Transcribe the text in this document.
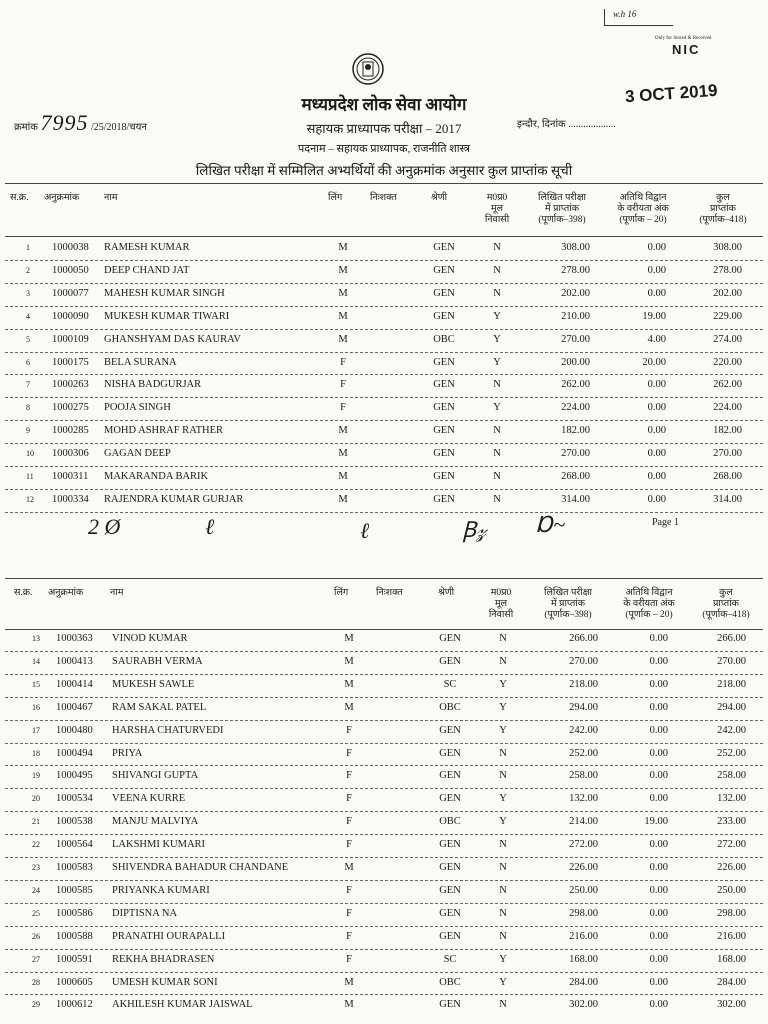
w.h 16
Only for Stored & Received
NIC
3 OCT 2019
मध्यप्रदेश लोक सेवा आयोग
क्रमांक 7995 /25/2018/चयन	सहायक प्राध्यापक परीक्षा – 2017	इन्दौर, दिनांक ...................
पदनाम – सहायक प्राध्यापक, राजनीति शास्त्र
लिखित परीक्षा में सम्मिलित अभ्यर्थियों की अनुक्रमांक अनुसार कुल प्राप्तांक सूची
स.क्र. अनुक्रमांक	नाम	लिंग	निःशक्त	श्रेणी	म0प्र0
मूल
निवासी
लिखित परीक्षा
में प्राप्तांक
(पूर्णाक–398)
अतिथि विद्वान
के वरीयता अंक
(पूर्णाक – 20)
कुल
प्राप्तांक
(पूर्णाक–418)
1 1000038 RAMESH KUMAR	M	GEN	N	308.00	0.00	308.00
2 1000050 DEEP CHAND JAT	M	GEN	N	278.00	0.00	278.00
3 1000077 MAHESH KUMAR SINGH	M	GEN	N	202.00	0.00	202.00
4 1000090 MUKESH KUMAR TIWARI	M	GEN	Y	210.00	19.00	229.00
5 1000109 GHANSHYAM DAS KAURAV	M	OBC	Y	270.00	4.00	274.00
6 1000175 BELA SURANA	F	GEN	Y	200.00	20.00	220.00
7 1000263 NISHA BADGURJAR	F	GEN	N	262.00	0.00	262.00
8 1000275 POOJA SINGH	F	GEN	Y	224.00	0.00	224.00
9 1000285 MOHD ASHRAF RATHER	M	GEN	N	182.00	0.00	182.00
10 1000306 GAGAN DEEP	M	GEN	N	270.00	0.00	270.00
11 1000311 MAKARANDA BARIK	M	GEN	N	268.00	0.00	268.00
12 1000334 RAJENDRA KUMAR GURJAR	M	GEN	N	314.00	0.00	314.00
Page 1
2 Ø	ℓ	ℓ	Ꞵ𝓏 Ɒ~
स.क्र. अनुक्रमांक	नाम	लिंग	निःशक्त	श्रेणी	म0प्र0
मूल
निवासी
लिखित परीक्षा
में प्राप्तांक
(पूर्णाक–398)
अतिथि विद्वान
के वरीयता अंक
(पूर्णाक – 20)
कुल
प्राप्तांक
(पूर्णाक–418)
13 1000363 VINOD KUMAR	M	GEN	N	266.00	0.00	266.00
14 1000413 SAURABH VERMA	M	GEN	N	270.00	0.00	270.00
15 1000414 MUKESH SAWLE	M	SC	Y	218.00	0.00	218.00
16 1000467 RAM SAKAL PATEL	M	OBC	Y	294.00	0.00	294.00
17 1000480 HARSHA CHATURVEDI	F	GEN	Y	242.00	0.00	242.00
18 1000494 PRIYA	F	GEN	N	252.00	0.00	252.00
19 1000495 SHIVANGI GUPTA	F	GEN	N	258.00	0.00	258.00
20 1000534 VEENA KURRE	F	GEN	Y	132.00	0.00	132.00
21 1000538 MANJU MALVIYA	F	OBC	Y	214.00	19.00	233.00
22 1000564 LAKSHMI KUMARI	F	GEN	N	272.00	0.00	272.00
23 1000583 SHIVENDRA BAHADUR CHANDANE	M	GEN	N	226.00	0.00	226.00
24 1000585 PRIYANKA KUMARI	F	GEN	N	250.00	0.00	250.00
25 1000586 DIPTISNA NA	F	GEN	N	298.00	0.00	298.00
26 1000588 PRANATHI OURAPALLI	F	GEN	N	216.00	0.00	216.00
27 1000591 REKHA BHADRASEN	F	SC	Y	168.00	0.00	168.00
28 1000605 UMESH KUMAR SONI	M	OBC	Y	284.00	0.00	284.00
29 1000612 AKHILESH KUMAR JAISWAL	M	GEN	N	302.00	0.00	302.00
